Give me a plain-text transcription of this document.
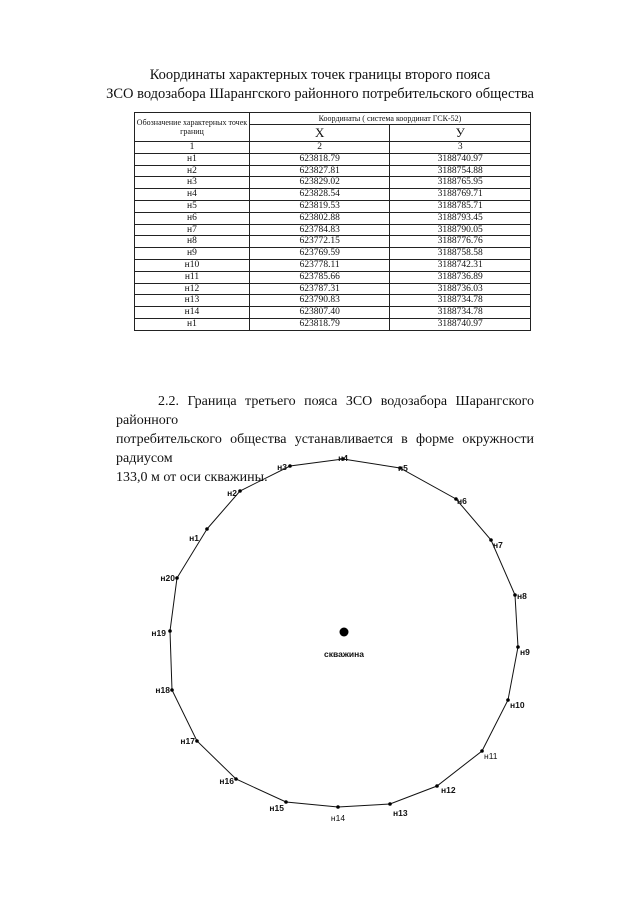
Координаты характерных точек границы второго пояса
ЗСО водозабора Шарангского районного потребительского общества
Обозначение характерных точек границ	Координаты ( система координат ГСК-52)	
	X	У
1	2	3
н1	623818.79	3188740.97
н2	623827.81	3188754.88
н3	623829.02	3188765.95
н4	623828.54	3188769.71
н5	623819.53	3188785.71
н6	623802.88	3188793.45
н7	623784.83	3188790.05
н8	623772.15	3188776.76
н9	623769.59	3188758.58
н10	623778.11	3188742.31
н11	623785.66	3188736.89
н12	623787.31	3188736.03
н13	623790.83	3188734.78
н14	623807.40	3188734.78
н1	623818.79	3188740.97
2.2. Граница третьего пояса ЗСО водозабора Шарангского районного
потребительского общества устанавливается в форме окружности радиусом
133,0 м от оси скважины.
скважина
н1
н2
н3
н4
н5
н6
н7
н8
н9
н10
н11
н12
н13
н14
н15
н16
н17
н18
н19
н20
